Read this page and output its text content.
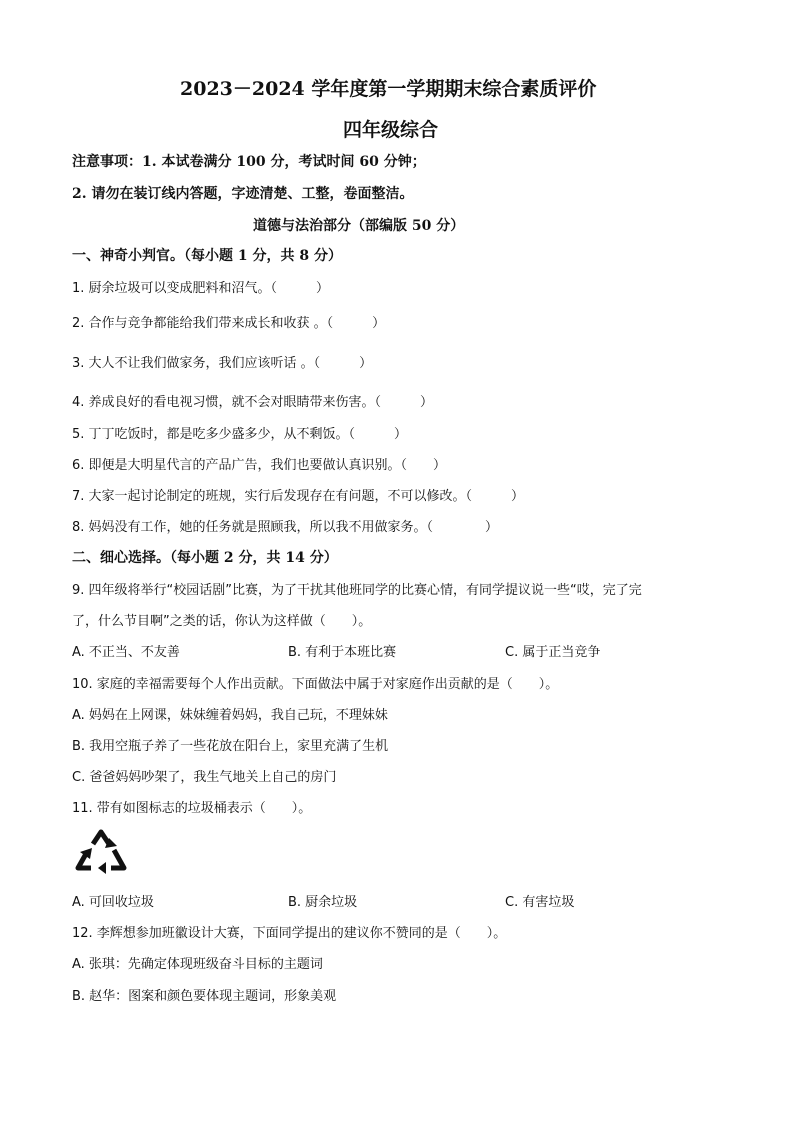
2023－2024 学年度第一学期期末综合素质评价
四年级综合
注意事项：1. 本试卷满分 100 分，考试时间 60 分钟；
2. 请勿在装订线内答题，字迹清楚、工整，卷面整洁。
道德与法治部分（部编版 50 分）
一、神奇小判官。（每小题 1 分，共 8 分）
1. 厨余垃圾可以变成肥料和沼气。（　　　）
2. 合作与竞争都能给我们带来成长和收获 。（　　　）
3. 大人不让我们做家务，我们应该听话 。（　　　）
4. 养成良好的看电视习惯，就不会对眼睛带来伤害。（　　　）
5. 丁丁吃饭时，都是吃多少盛多少，从不剩饭。（　　　）
6. 即便是大明星代言的产品广告，我们也要做认真识别。（　　）
7. 大家一起讨论制定的班规，实行后发现存在有问题，不可以修改。（　　　）
8. 妈妈没有工作，她的任务就是照顾我，所以我不用做家务。（　　　　）
二、细心选择。（每小题 2 分，共 14 分）
9. 四年级将举行“校园话剧”比赛，为了干扰其他班同学的比赛心情，有同学提议说一些“哎，完了完
了，什么节目啊”之类的话，你认为这样做（　　）。
A. 不正当、不友善	B. 有利于本班比赛	C. 属于正当竞争
10. 家庭的幸福需要每个人作出贡献。下面做法中属于对家庭作出贡献的是（　　）。
A. 妈妈在上网课，妹妹缠着妈妈，我自己玩，不理妹妹
B. 我用空瓶子养了一些花放在阳台上，家里充满了生机
C. 爸爸妈妈吵架了，我生气地关上自己的房门
11. 带有如图标志的垃圾桶表示（　　）。
A. 可回收垃圾	B. 厨余垃圾	C. 有害垃圾
12. 李辉想参加班徽设计大赛，下面同学提出的建议你不赞同的是（　　）。
A. 张琪：先确定体现班级奋斗目标的主题词
B. 赵华：图案和颜色要体现主题词，形象美观
